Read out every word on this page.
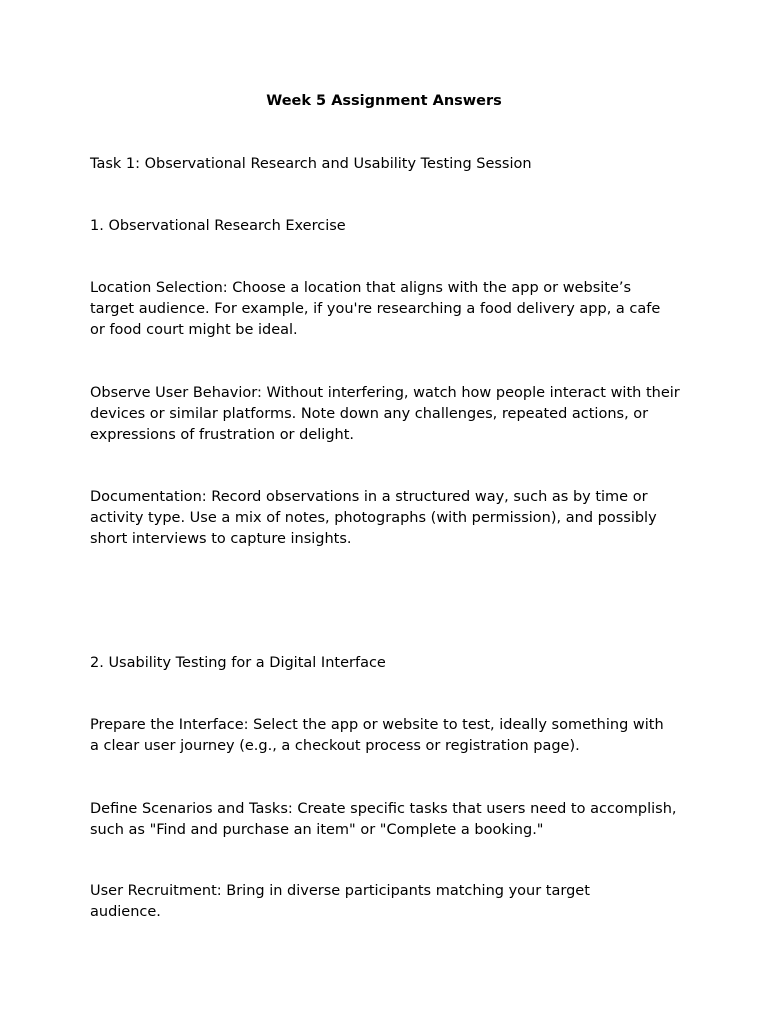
Week 5 Assignment Answers

Task 1: Observational Research and Usability Testing Session

1. Observational Research Exercise

Location Selection: Choose a location that aligns with the app or website’s target audience. For example, if you're researching a food delivery app, a cafe or food court might be ideal.

Observe User Behavior: Without interfering, watch how people interact with their devices or similar platforms. Note down any challenges, repeated actions, or expressions of frustration or delight.

Documentation: Record observations in a structured way, such as by time or activity type. Use a mix of notes, photographs (with permission), and possibly short interviews to capture insights.

2. Usability Testing for a Digital Interface

Prepare the Interface: Select the app or website to test, ideally something with a clear user journey (e.g., a checkout process or registration page).

Define Scenarios and Tasks: Create specific tasks that users need to accomplish, such as "Find and purchase an item" or "Complete a booking."

User Recruitment: Bring in diverse participants matching your target audience.
